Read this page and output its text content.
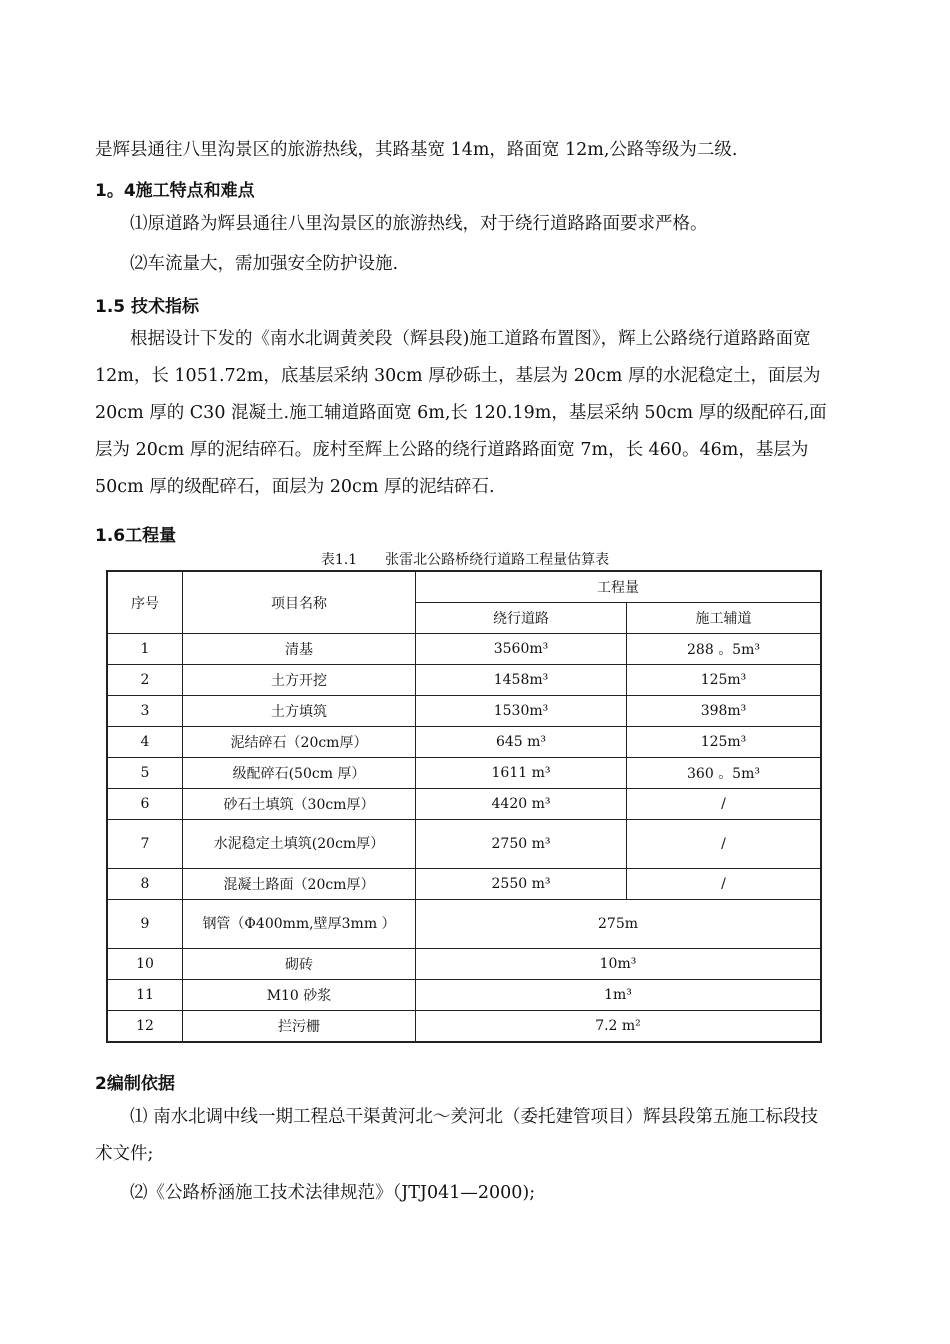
是辉县通往八里沟景区的旅游热线，其路基宽 14m，路面宽 12m,公路等级为二级.

1。4施工特点和难点

⑴原道路为辉县通往八里沟景区的旅游热线，对于绕行道路路面要求严格。

⑵车流量大，需加强安全防护设施.

1.5 技术指标

根据设计下发的《南水北调黄羑段（辉县段)施工道路布置图》，辉上公路绕行道路路面宽 12m，长 1051.72m，底基层采纳 30cm 厚砂砾土，基层为 20cm 厚的水泥稳定土，面层为 20cm 厚的 C30 混凝土.施工辅道路面宽 6m,长 120.19m，基层采纳 50cm 厚的级配碎石,面层为 20cm 厚的泥结碎石。庞村至辉上公路的绕行道路路面宽 7m，长 460。46m，基层为 50cm 厚的级配碎石，面层为 20cm 厚的泥结碎石.

1.6工程量
表1.1 张雷北公路桥绕行道路工程量估算表
序号	项目名称	工程量	
		绕行道路	施工辅道
1	清基	3560m³	288 。5m³
2	土方开挖	1458m³	125m³
3	土方填筑	1530m³	398m³
4	泥结碎石（20cm厚）	645 m³	125m³
5	级配碎石(50cm 厚）	1611 m³	360 。5m³
6	砂石土填筑（30cm厚）	4420 m³	/
7	水泥稳定土填筑(20cm厚）	2750 m³	/
8	混凝土路面（20cm厚）	2550 m³	/
9	钢管（Φ400mm,壁厚3mm ）	275m	
10	砌砖	10m³	
11	M10 砂浆	1m³	
12	拦污栅	7.2 m²	
2编制依据

⑴ 南水北调中线一期工程总干渠黄河北～羑河北（委托建管项目）辉县段第五施工标段技术文件;

⑵《公路桥涵施工技术法律规范》（JTJ041—2000);
